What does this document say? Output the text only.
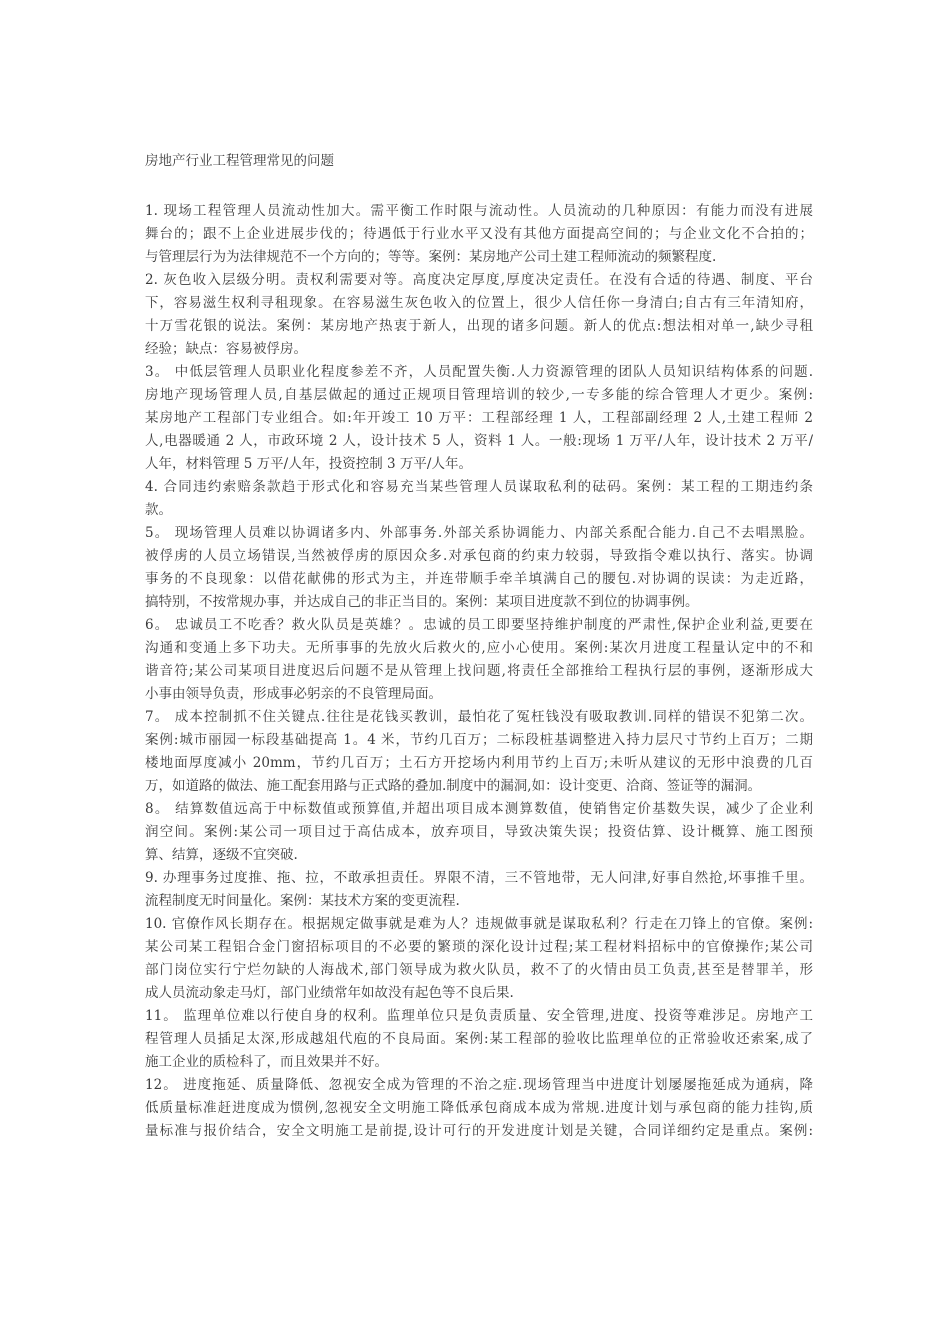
房地产行业工程管理常见的问题
1. 现场工程管理人员流动性加大。需平衡工作时限与流动性。人员流动的几种原因：有能力而没有进展
舞台的；跟不上企业进展步伐的；待遇低于行业水平又没有其他方面提高空间的；与企业文化不合拍的；
与管理层行为为法律规范不一个方向的；等等。案例：某房地产公司土建工程师流动的频繁程度.
2. 灰色收入层级分明。责权利需要对等。高度决定厚度,厚度决定责任。在没有合适的待遇、制度、平台
下，容易滋生权利寻租现象。在容易滋生灰色收入的位置上，很少人信任你一身清白;自古有三年清知府，
十万雪花银的说法。案例：某房地产热衷于新人，出现的诸多问题。新人的优点:想法相对单一,缺少寻租
经验；缺点：容易被俘房。
3。 中低层管理人员职业化程度参差不齐，人员配置失衡.人力资源管理的团队人员知识结构体系的问题.
房地产现场管理人员,自基层做起的通过正规项目管理培训的较少,一专多能的综合管理人才更少。案例:
某房地产工程部门专业组合。如:年开竣工 10 万平：工程部经理 1 人，工程部副经理 2 人,土建工程师 2
人,电器暖通 2 人，市政环境 2 人，设计技术 5 人，资料 1 人。一般:现场 1 万平/人年，设计技术 2 万平/
人年，材料管理 5 万平/人年，投资控制 3 万平/人年。
4. 合同违约索赔条款趋于形式化和容易充当某些管理人员谋取私利的砝码。案例：某工程的工期违约条
款。
5。 现场管理人员难以协调诸多内、外部事务.外部关系协调能力、内部关系配合能力.自己不去唱黑脸。
被俘虏的人员立场错误,当然被俘虏的原因众多.对承包商的约束力较弱，导致指令难以执行、落实。协调
事务的不良现象：以借花献佛的形式为主，并连带顺手牵羊填满自己的腰包.对协调的误读：为走近路，
搞特别，不按常规办事，并达成自己的非正当目的。案例：某项目进度款不到位的协调事例。
6。 忠诚员工不吃香？救火队员是英雄？。忠诚的员工即要坚持维护制度的严肃性,保护企业利益,更要在
沟通和变通上多下功夫。无所事事的先放火后救火的,应小心使用。案例:某次月进度工程量认定中的不和
谐音符;某公司某项目进度迟后问题不是从管理上找问题,将责任全部推给工程执行层的事例，逐渐形成大
小事由领导负责，形成事必躬亲的不良管理局面。
7。 成本控制抓不住关键点.往往是花钱买教训，最怕花了冤枉钱没有吸取教训.同样的错误不犯第二次。
案例:城市丽园一标段基础提高 1。4 米，节约几百万；二标段桩基调整进入持力层尺寸节约上百万；二期
楼地面厚度减小 20mm，节约几百万；土石方开挖场内利用节约上百万;未听从建议的无形中浪费的几百
万，如道路的做法、施工配套用路与正式路的叠加.制度中的漏洞,如：设计变更、洽商、签证等的漏洞。
8。 结算数值远高于中标数值或预算值,并超出项目成本测算数值，使销售定价基数失误，减少了企业利
润空间。案例:某公司一项目过于高估成本，放弃项目，导致决策失误；投资估算、设计概算、施工图预
算、结算，逐级不宜突破.
9. 办理事务过度推、拖、拉，不敢承担责任。界限不清，三不管地带，无人问津,好事自然抢,坏事推千里。
流程制度无时间量化。案例：某技术方案的变更流程.
10. 官僚作风长期存在。根据规定做事就是难为人？违规做事就是谋取私利？行走在刀锋上的官僚。案例:
某公司某工程铝合金门窗招标项目的不必要的繁琐的深化设计过程;某工程材料招标中的官僚操作;某公司
部门岗位实行宁烂勿缺的人海战术,部门领导成为救火队员，救不了的火情由员工负责,甚至是替罪羊，形
成人员流动象走马灯，部门业绩常年如故没有起色等不良后果.
11。 监理单位难以行使自身的权利。监理单位只是负责质量、安全管理,进度、投资等难涉足。房地产工
程管理人员插足太深,形成越俎代庖的不良局面。案例:某工程部的验收比监理单位的正常验收还索案,成了
施工企业的质检科了，而且效果并不好。
12。 进度拖延、质量降低、忽视安全成为管理的不治之症.现场管理当中进度计划屡屡拖延成为通病，降
低质量标准赶进度成为惯例,忽视安全文明施工降低承包商成本成为常规.进度计划与承包商的能力挂钩,质
量标准与报价结合，安全文明施工是前提,设计可行的开发进度计划是关键，合同详细约定是重点。案例:
